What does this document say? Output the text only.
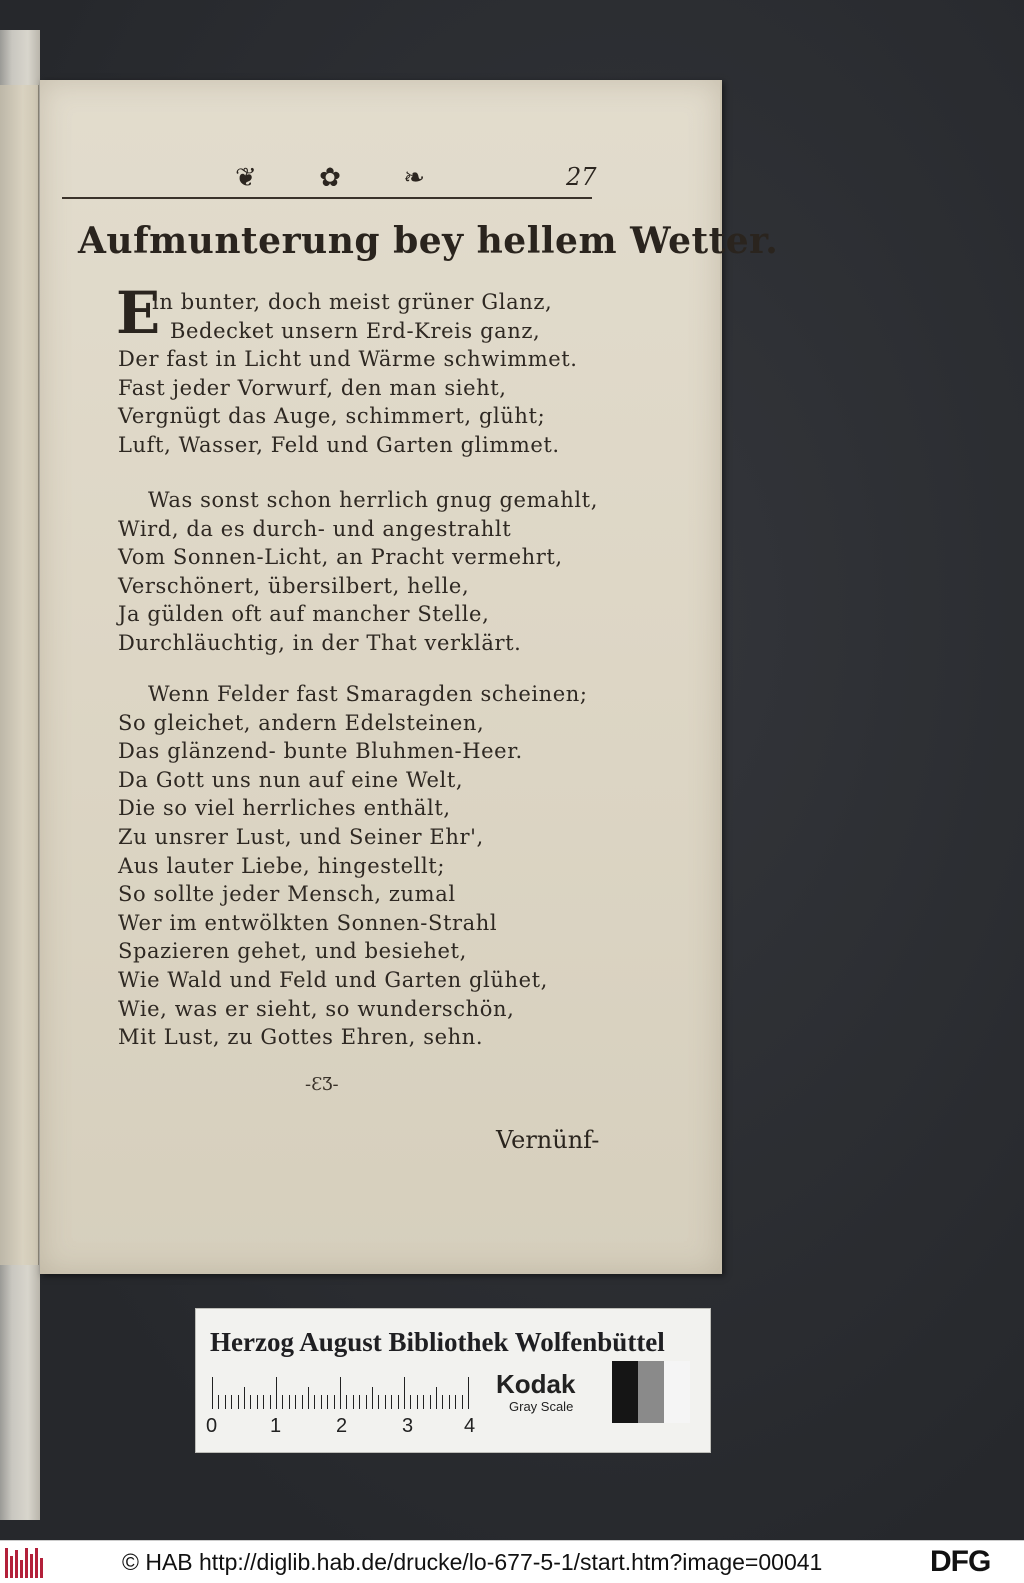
❦ ✿ ❧	27
Aufmunterung bey hellem Wetter.
E
in bunter, doch meist grüner Glanz,
Bedecket unsern Erd-Kreis ganz,
Der fast in Licht und Wärme schwimmet.
Fast jeder Vorwurf, den man sieht,
Vergnügt das Auge, schimmert, glüht;
Luft, Wasser, Feld und Garten glimmet.
Was sonst schon herrlich gnug gemahlt,
Wird, da es durch- und angestrahlt
Vom Sonnen-Licht, an Pracht vermehrt,
Verschönert, übersilbert, helle,
Ja gülden oft auf mancher Stelle,
Durchläuchtig, in der That verklärt.
Wenn Felder fast Smaragden scheinen;
So gleichet, andern Edelsteinen,
Das glänzend- bunte Bluhmen-Heer.
Da Gott uns nun auf eine Welt,
Die so viel herrliches enthält,
Zu unsrer Lust, und Seiner Ehr',
Aus lauter Liebe, hingestellt;
So sollte jeder Mensch, zumal
Wer im entwölkten Sonnen-Strahl
Spazieren gehet, und besiehet,
Wie Wald und Feld und Garten glühet,
Wie, was er sieht, so wunderschön,
Mit Lust, zu Gottes Ehren, sehn.
-ƐƷ-
Vernünf-
Herzog August Bibliothek Wolfenbüttel
0	1	2	3	4
Kodak
Gray Scale
© HAB http://diglib.hab.de/drucke/lo-677-5-1/start.htm?image=00041	DFG
